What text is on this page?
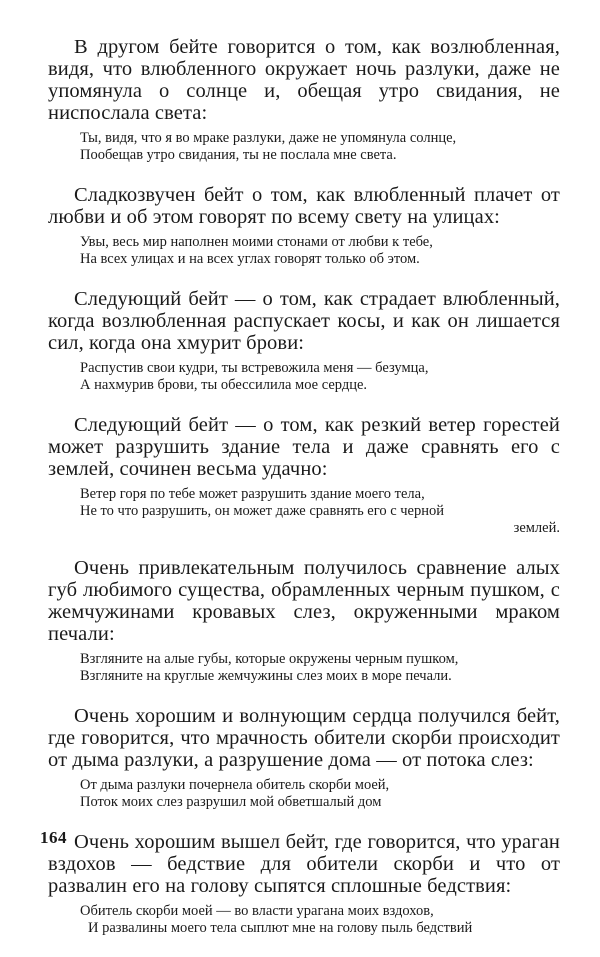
В другом бейте говорится о том, как возлюбленная, видя, что влюбленного окружает ночь разлуки, даже не упомянула о солнце и, обещая утро свидания, не ниспослала света:

Ты, видя, что я во мраке разлуки, даже не упомянула солнце,
Пообещав утро свидания, ты не послала мне света.

Сладкозвучен бейт о том, как влюбленный плачет от любви и об этом говорят по всему свету на улицах:

Увы, весь мир наполнен моими стонами от любви к тебе,
На всех улицах и на всех углах говорят только об этом.

Следующий бейт — о том, как страдает влюбленный, когда возлюбленная распускает косы, и как он лишается сил, когда она хмурит брови:

Распустив свои кудри, ты встревожила меня — безумца,
А нахмурив брови, ты обессилила мое сердце.

Следующий бейт — о том, как резкий ветер горестей может разрушить здание тела и даже сравнять его с землей, сочинен весьма удачно:

Ветер горя по тебе может разрушить здание моего тела,
Не то что разрушить, он может даже сравнять его с черной
землей.

Очень привлекательным получилось сравнение алых губ любимого существа, обрамленных черным пушком, с жемчужинами кровавых слез, окруженными мраком печали:

Взгляните на алые губы, которые окружены черным пушком,
Взгляните на круглые жемчужины слез моих в море печали.

Очень хорошим и волнующим сердца получился бейт, где говорится, что мрачность обители скорби происходит от дыма разлуки, а разрушение дома — от потока слез:

От дыма разлуки почернела обитель скорби моей,
Поток моих слез разрушил мой обветшалый дом

Очень хорошим вышел бейт, где говорится, что ураган вздохов — бедствие для обители скорби и что от развалин его на голову сыпятся сплошные бедствия:

Обитель скорби моей — во власти урагана моих вздохов,
И развалины моего тела сыплют мне на голову пыль бедствий
164
